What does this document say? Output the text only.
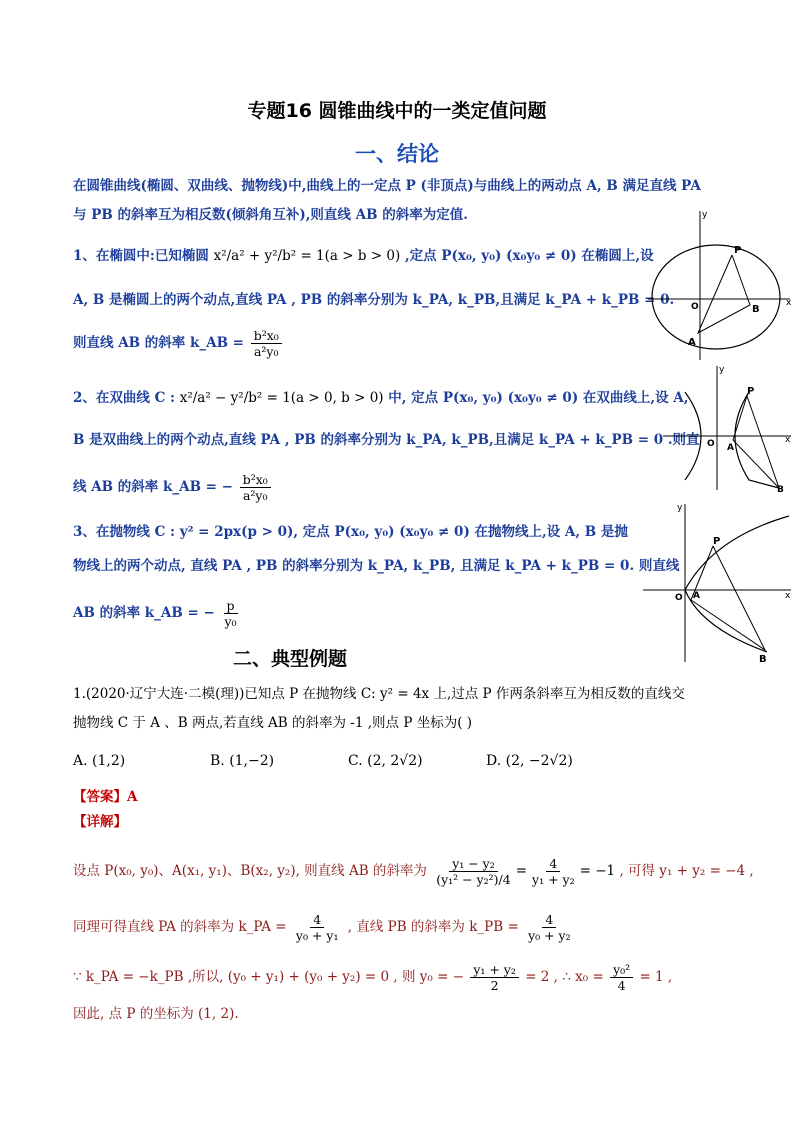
专题16 圆锥曲线中的一类定值问题
一、结论
在圆锥曲线(椭圆、双曲线、抛物线)中,曲线上的一定点 P (非顶点)与曲线上的两动点 A, B 满足直线 PA
与 PB 的斜率互为相反数(倾斜角互补),则直线 AB 的斜率为定值.
1、在椭圆中:已知椭圆 x²/a² + y²/b² = 1(a > b > 0) ,定点 P(x₀, y₀) (x₀y₀ ≠ 0) 在椭圆上,设
A, B 是椭圆上的两个动点,直线 PA , PB 的斜率分别为 k_PA, k_PB,且满足 k_PA + k_PB = 0.
则直线 AB 的斜率 k_AB = $\frac{\text{b²x₀}}{\text{a²y₀}}$
2、在双曲线 C : x²/a² − y²/b² = 1(a > 0, b > 0) 中, 定点 P(x₀, y₀) (x₀y₀ ≠ 0) 在双曲线上,设 A,
B 是双曲线上的两个动点,直线 PA , PB 的斜率分别为 k_PA, k_PB,且满足 k_PA + k_PB = 0 .则直
线 AB 的斜率 k_AB = − $\frac{\text{b²x₀}}{\text{a²y₀}}$
3、在抛物线 C : y² = 2px(p > 0), 定点 P(x₀, y₀) (x₀y₀ ≠ 0) 在抛物线上,设 A, B 是抛
物线上的两个动点, 直线 PA , PB 的斜率分别为 k_PA, k_PB, 且满足 k_PA + k_PB = 0. 则直线
AB 的斜率 k_AB = − $\frac{p}{\text{y₀}}$
二、典型例题
1.(2020·辽宁大连·二模(理))已知点 P 在抛物线 C: y² = 4x 上,过点 P 作两条斜率互为相反数的直线交
抛物线 C 于 A 、B 两点,若直线 AB 的斜率为 -1 ,则点 P 坐标为( )
A. (1,2)	B. (1,−2)	C. (2, 2√2)	D. (2, −2√2)
【答案】A
【详解】
设点 P(x₀, y₀)、A(x₁, y₁)、B(x₂, y₂), 则直线 AB 的斜率为 $\frac{\text{y₁ − y₂}}{\text{(y₁² − y₂²)/4}} = \frac{4}{\text{y₁ + y₂}} = -1$ , 可得 y₁ + y₂ = −4 ,
同理可得直线 PA 的斜率为 k_PA = $\frac{4}{\text{y₀ + y₁}}$ , 直线 PB 的斜率为 k_PB = $\frac{4}{\text{y₀ + y₂}}$
∵ k_PA = −k_PB ,所以, (y₀ + y₁) + (y₀ + y₂) = 0 , 则 y₀ = − $\frac{\text{y₁ + y₂}}{2} = 2$ , ∴ $x_0 = \frac{\text{y₀²}}{4} = 1$ ,
因此, 点 P 的坐标为 (1, 2).
y
x
O
P
A
B
y
x
O
P
A
B
y
x
O
P
A
B
